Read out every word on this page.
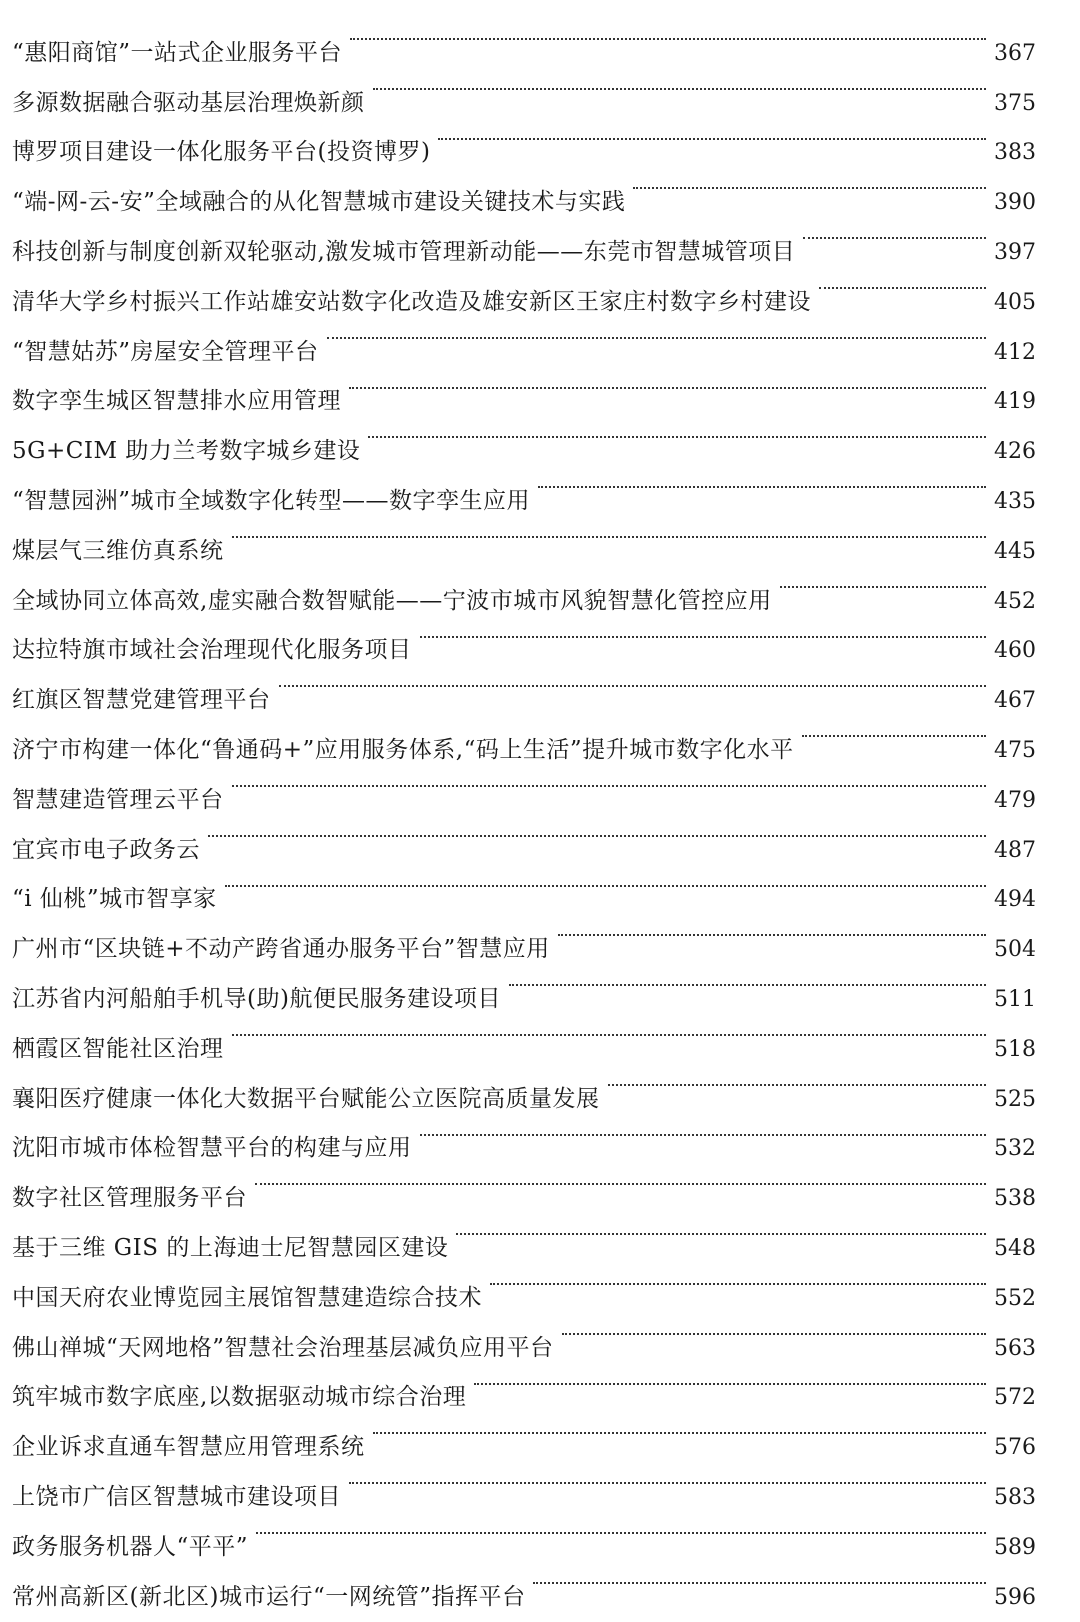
“惠阳商馆”一站式企业服务平台	367
多源数据融合驱动基层治理焕新颜	375
博罗项目建设一体化服务平台(投资博罗)	383
“端-网-云-安”全域融合的从化智慧城市建设关键技术与实践	390
科技创新与制度创新双轮驱动,激发城市管理新动能——东莞市智慧城管项目	397
清华大学乡村振兴工作站雄安站数字化改造及雄安新区王家庄村数字乡村建设	405
“智慧姑苏”房屋安全管理平台	412
数字孪生城区智慧排水应用管理	419
5G+CIM 助力兰考数字城乡建设	426
“智慧园洲”城市全域数字化转型——数字孪生应用	435
煤层气三维仿真系统	445
全域协同立体高效,虚实融合数智赋能——宁波市城市风貌智慧化管控应用	452
达拉特旗市域社会治理现代化服务项目	460
红旗区智慧党建管理平台	467
济宁市构建一体化“鲁通码+”应用服务体系,“码上生活”提升城市数字化水平	475
智慧建造管理云平台	479
宜宾市电子政务云	487
“i 仙桃”城市智享家	494
广州市“区块链+不动产跨省通办服务平台”智慧应用	504
江苏省内河船舶手机导(助)航便民服务建设项目	511
栖霞区智能社区治理	518
襄阳医疗健康一体化大数据平台赋能公立医院高质量发展	525
沈阳市城市体检智慧平台的构建与应用	532
数字社区管理服务平台	538
基于三维 GIS 的上海迪士尼智慧园区建设	548
中国天府农业博览园主展馆智慧建造综合技术	552
佛山禅城“天网地格”智慧社会治理基层减负应用平台	563
筑牢城市数字底座,以数据驱动城市综合治理	572
企业诉求直通车智慧应用管理系统	576
上饶市广信区智慧城市建设项目	583
政务服务机器人“平平”	589
常州高新区(新北区)城市运行“一网统管”指挥平台	596
